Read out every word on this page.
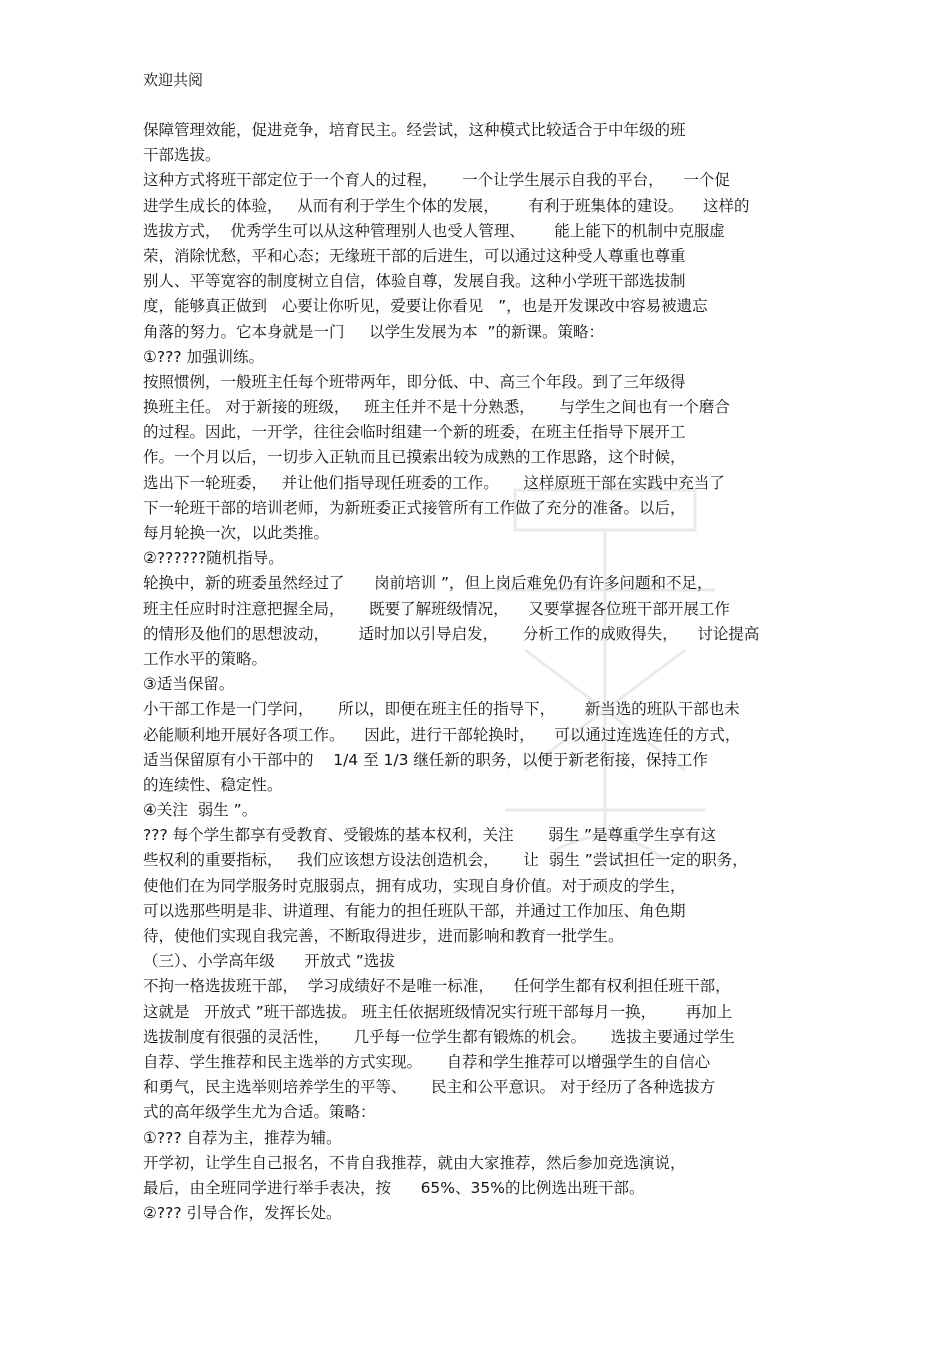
欢迎共阅
保障管理效能，促进竞争，培育民主。经尝试，这种模式比较适合于中年级的班
干部选拔。
这种方式将班干部定位于一个育人的过程，     一个让学生展示自我的平台，    一个促
进学生成长的体验，   从而有利于学生个体的发展，      有利于班集体的建设。    这样的
选拔方式，  优秀学生可以从这种管理别人也受人管理、      能上能下的机制中克服虚
荣，消除忧愁，平和心态；无缘班干部的后进生，可以通过这种受人尊重也尊重
别人、平等宽容的制度树立自信，体验自尊，发展自我。这种小学班干部选拔制
度，能够真正做到   心要让你听见，爱要让你看见   ”，也是开发课改中容易被遗忘
角落的努力。它本身就是一门     以学生发展为本  ”的新课。策略：
①??? 加强训练。
按照惯例，一般班主任每个班带两年，即分低、中、高三个年段。到了三年级得
换班主任。 对于新接的班级，   班主任并不是十分熟悉，     与学生之间也有一个磨合
的过程。因此，一开学，往往会临时组建一个新的班委，在班主任指导下展开工
作。一个月以后，一切步入正轨而且已摸索出较为成熟的工作思路，这个时候，
选出下一轮班委，   并让他们指导现任班委的工作。     这样原班干部在实践中充当了
下一轮班干部的培训老师，为新班委正式接管所有工作做了充分的准备。以后，
每月轮换一次，以此类推。
②??????随机指导。
轮换中，新的班委虽然经过了      岗前培训 ”，但上岗后难免仍有许多问题和不足，
班主任应时时注意把握全局，     既要了解班级情况，    又要掌握各位班干部开展工作
的情形及他们的思想波动，      适时加以引导启发，     分析工作的成败得失，    讨论提高
工作水平的策略。
③适当保留。
小干部工作是一门学问，     所以，即便在班主任的指导下，      新当选的班队干部也未
必能顺利地开展好各项工作。    因此，进行干部轮换时，    可以通过连选连任的方式，
适当保留原有小干部中的    1/4 至 1/3 继任新的职务，以便于新老衔接，保持工作
的连续性、稳定性。
④关注  弱生 ”。
??? 每个学生都享有受教育、受锻炼的基本权利，关注       弱生 ”是尊重学生享有这
些权利的重要指标，   我们应该想方设法创造机会，     让  弱生 ”尝试担任一定的职务，
使他们在为同学服务时克服弱点，拥有成功，实现自身价值。对于顽皮的学生，
可以选那些明是非、讲道理、有能力的担任班队干部，并通过工作加压、角色期
待，使他们实现自我完善，不断取得进步，进而影响和教育一批学生。
（三）、小学高年级      开放式 ”选拔
不拘一格选拔班干部，  学习成绩好不是唯一标准，    任何学生都有权利担任班干部，
这就是   开放式 ”班干部选拔。 班主任依据班级情况实行班干部每月一换，      再加上
选拔制度有很强的灵活性，     几乎每一位学生都有锻炼的机会。     选拔主要通过学生
自荐、学生推荐和民主选举的方式实现。     自荐和学生推荐可以增强学生的自信心
和勇气，民主选举则培养学生的平等、     民主和公平意识。 对于经历了各种选拔方
式的高年级学生尤为合适。策略：
①??? 自荐为主，推荐为辅。
开学初，让学生自己报名，不肯自我推荐，就由大家推荐，然后参加竞选演说，
最后，由全班同学进行举手表决，按      65%、35%的比例选出班干部。
②??? 引导合作，发挥长处。
